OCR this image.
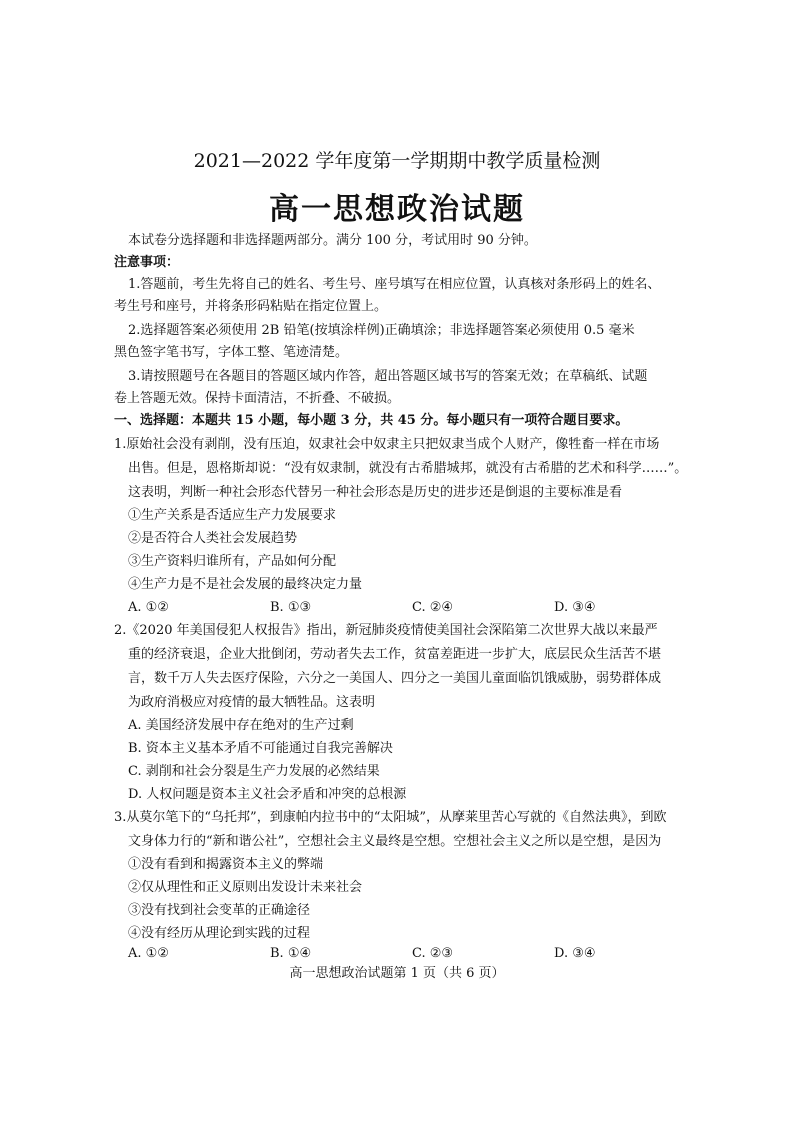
2021—2022 学年度第一学期期中教学质量检测
高一思想政治试题
本试卷分选择题和非选择题两部分。满分 100 分，考试用时 90 分钟。
注意事项：
1.答题前，考生先将自己的姓名、考生号、座号填写在相应位置，认真核对条形码上的姓名、
考生号和座号，并将条形码粘贴在指定位置上。
2.选择题答案必须使用 2B 铅笔(按填涂样例)正确填涂；非选择题答案必须使用 0.5 毫米
黑色签字笔书写，字体工整、笔迹清楚。
3.请按照题号在各题目的答题区域内作答，超出答题区域书写的答案无效；在草稿纸、试题
卷上答题无效。保持卡面清洁，不折叠、不破损。
一、选择题：本题共 15 小题，每小题 3 分，共 45 分。每小题只有一项符合题目要求。
1.原始社会没有剥削，没有压迫，奴隶社会中奴隶主只把奴隶当成个人财产，像牲畜一样在市场
出售。但是，恩格斯却说：“没有奴隶制，就没有古希腊城邦，就没有古希腊的艺术和科学……”。
这表明，判断一种社会形态代替另一种社会形态是历史的进步还是倒退的主要标准是看
①生产关系是否适应生产力发展要求
②是否符合人类社会发展趋势
③生产资料归谁所有，产品如何分配
④生产力是不是社会发展的最终决定力量
A. ①②	B. ①③	C. ②④	D. ③④
2.《2020 年美国侵犯人权报告》指出，新冠肺炎疫情使美国社会深陷第二次世界大战以来最严
重的经济衰退，企业大批倒闭，劳动者失去工作，贫富差距进一步扩大，底层民众生活苦不堪
言，数千万人失去医疗保险，六分之一美国人、四分之一美国儿童面临饥饿威胁，弱势群体成
为政府消极应对疫情的最大牺牲品。这表明
A. 美国经济发展中存在绝对的生产过剩
B. 资本主义基本矛盾不可能通过自我完善解决
C. 剥削和社会分裂是生产力发展的必然结果
D. 人权问题是资本主义社会矛盾和冲突的总根源
3.从莫尔笔下的“乌托邦”，到康帕内拉书中的“太阳城”，从摩莱里苦心写就的《自然法典》，到欧
文身体力行的“新和谐公社”，空想社会主义最终是空想。空想社会主义之所以是空想，是因为
①没有看到和揭露资本主义的弊端
②仅从理性和正义原则出发设计未来社会
③没有找到社会变革的正确途径
④没有经历从理论到实践的过程
A. ①②	B. ①④	C. ②③	D. ③④
高一思想政治试题第 1 页（共 6 页）
